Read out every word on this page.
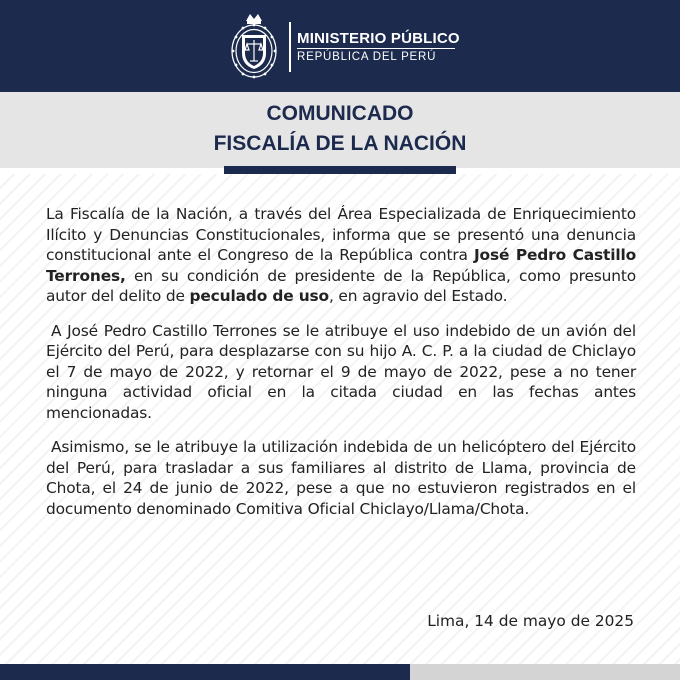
MINISTERIO PÚBLICO
REPÚBLICA DEL PERÚ
COMUNICADO
FISCALÍA DE LA NACIÓN

La Fiscalía de la Nación, a través del Área Especializada de Enriquecimiento Ilícito y Denuncias Constitucionales, informa que se presentó una denuncia constitucional ante el Congreso de la República contra José Pedro Castillo Terrones, en su condición de presidente de la República, como presunto autor del delito de peculado de uso, en agravio del Estado.

A José Pedro Castillo Terrones se le atribuye el uso indebido de un avión del Ejército del Perú, para desplazarse con su hijo A. C. P. a la ciudad de Chiclayo el 7 de mayo de 2022, y retornar el 9 de mayo de 2022, pese a no tener ninguna actividad oficial en la citada ciudad en las fechas antes mencionadas.

Asimismo, se le atribuye la utilización indebida de un helicóptero del Ejército del Perú, para trasladar a sus familiares al distrito de Llama, provincia de Chota, el 24 de junio de 2022, pese a que no estuvieron registrados en el documento denominado Comitiva Oficial Chiclayo/Llama/Chota.

Lima, 14 de mayo de 2025
